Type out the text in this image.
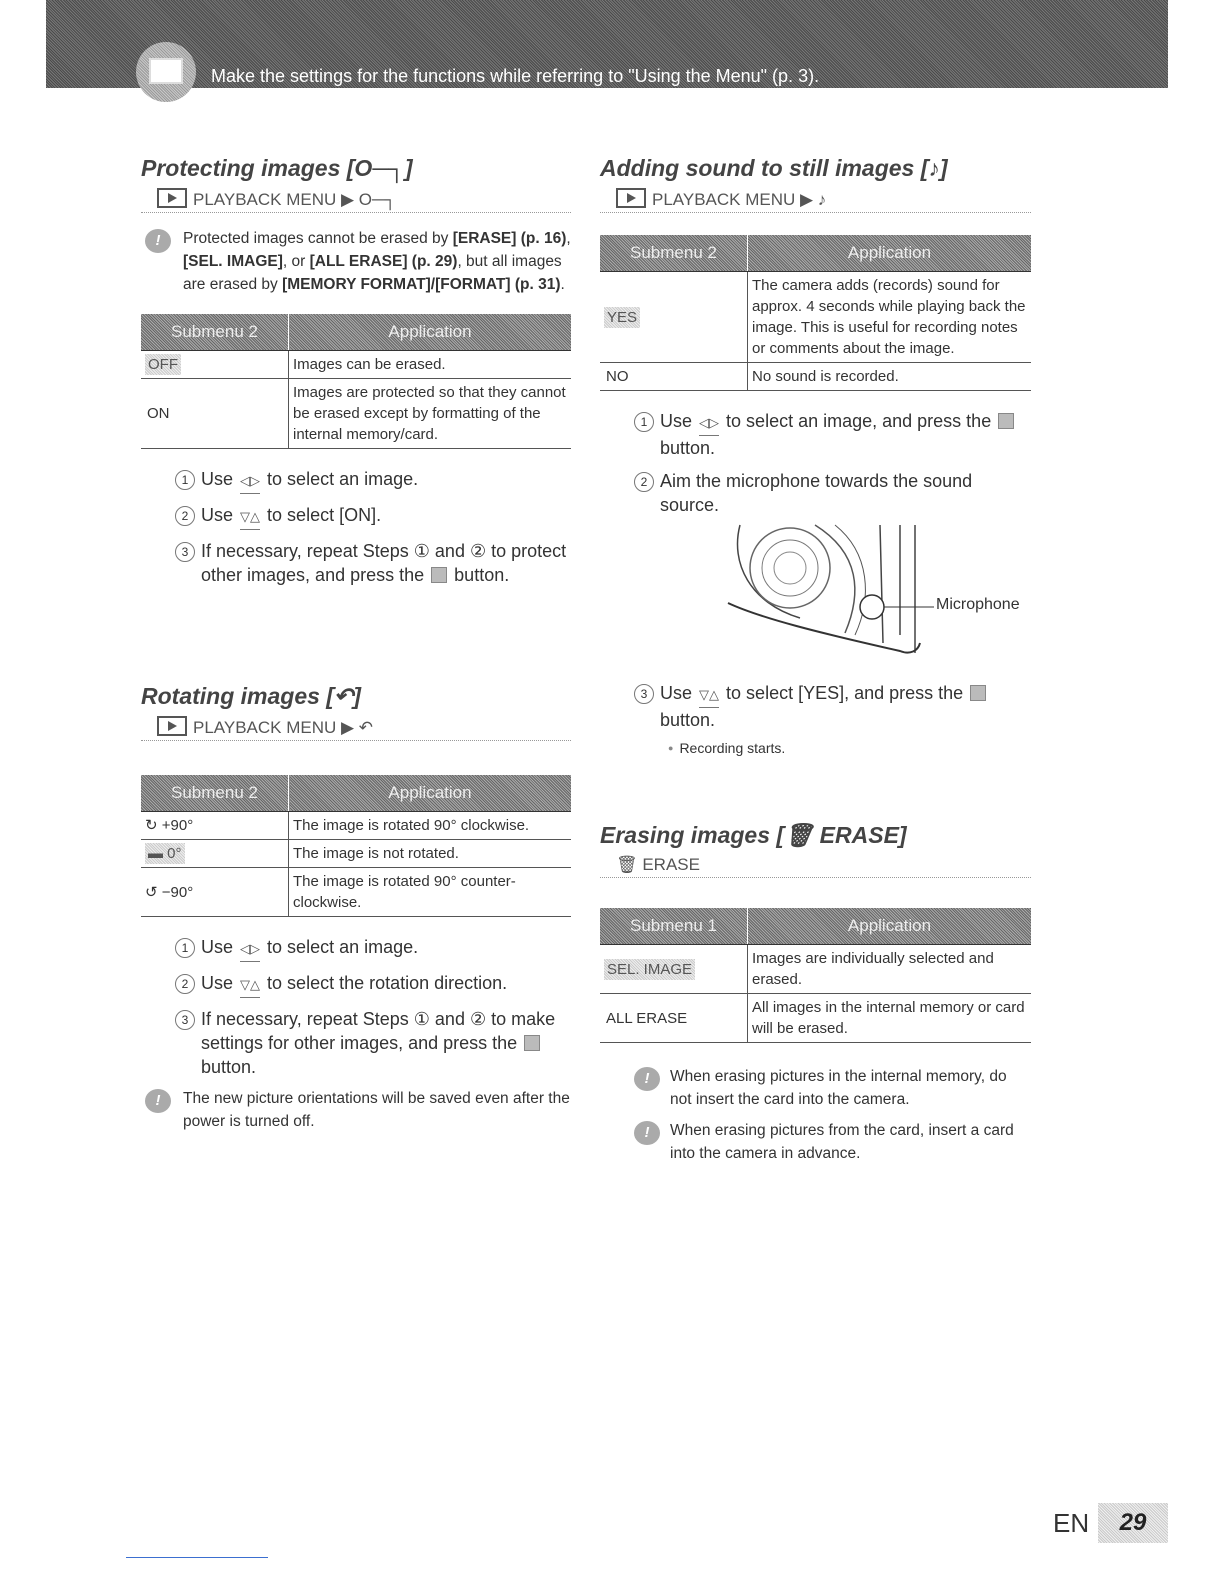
Make the settings for the functions while referring to "Using the Menu" (p. 3).
Protecting images [O─┐]
PLAYBACK MENU ▶ O─┐
!	Protected images cannot be erased by [ERASE] (p. 16), [SEL. IMAGE], or [ALL ERASE] (p. 29), but all images are erased by [MEMORY FORMAT]/[FORMAT] (p. 31).
Submenu 2	Application
OFF	Images can be erased.
ON	Images are protected so that they cannot be erased except by formatting of the internal memory/card.
1 Use ◁▷ to select an image.
2 Use ▽△ to select [ON].
3 If necessary, repeat Steps ① and ② to protect other images, and press the button.
Rotating images [↶]
PLAYBACK MENU ▶ ↶
Submenu 2	Application
↻ +90°	The image is rotated 90° clockwise.
▬ 0°	The image is not rotated.
↺ −90°	The image is rotated 90° counter-clockwise.
1 Use ◁▷ to select an image.
2 Use ▽△ to select the rotation direction.
3 If necessary, repeat Steps ① and ② to make settings for other images, and press the  button.
!	The new picture orientations will be saved even after the power is turned off.
Adding sound to still images [♪]
PLAYBACK MENU ▶ ♪
Submenu 2	Application
YES	The camera adds (records) sound for approx. 4 seconds while playing back the image. This is useful for recording notes or comments about the image.
NO	No sound is recorded.
1 Use ◁▷ to select an image, and press the  button.
2 Aim the microphone towards the sound source.
Microphone
3 Use ▽△ to select [YES], and press the  button.
● Recording starts.
Erasing images [🗑 ERASE]
🗑 ERASE
Submenu 1	Application
SEL. IMAGE	Images are individually selected and erased.
ALL ERASE	All images in the internal memory or card will be erased.
!	When erasing pictures in the internal memory, do not insert the card into the camera.
!	When erasing pictures from the card, insert a card into the camera in advance.
EN	29
